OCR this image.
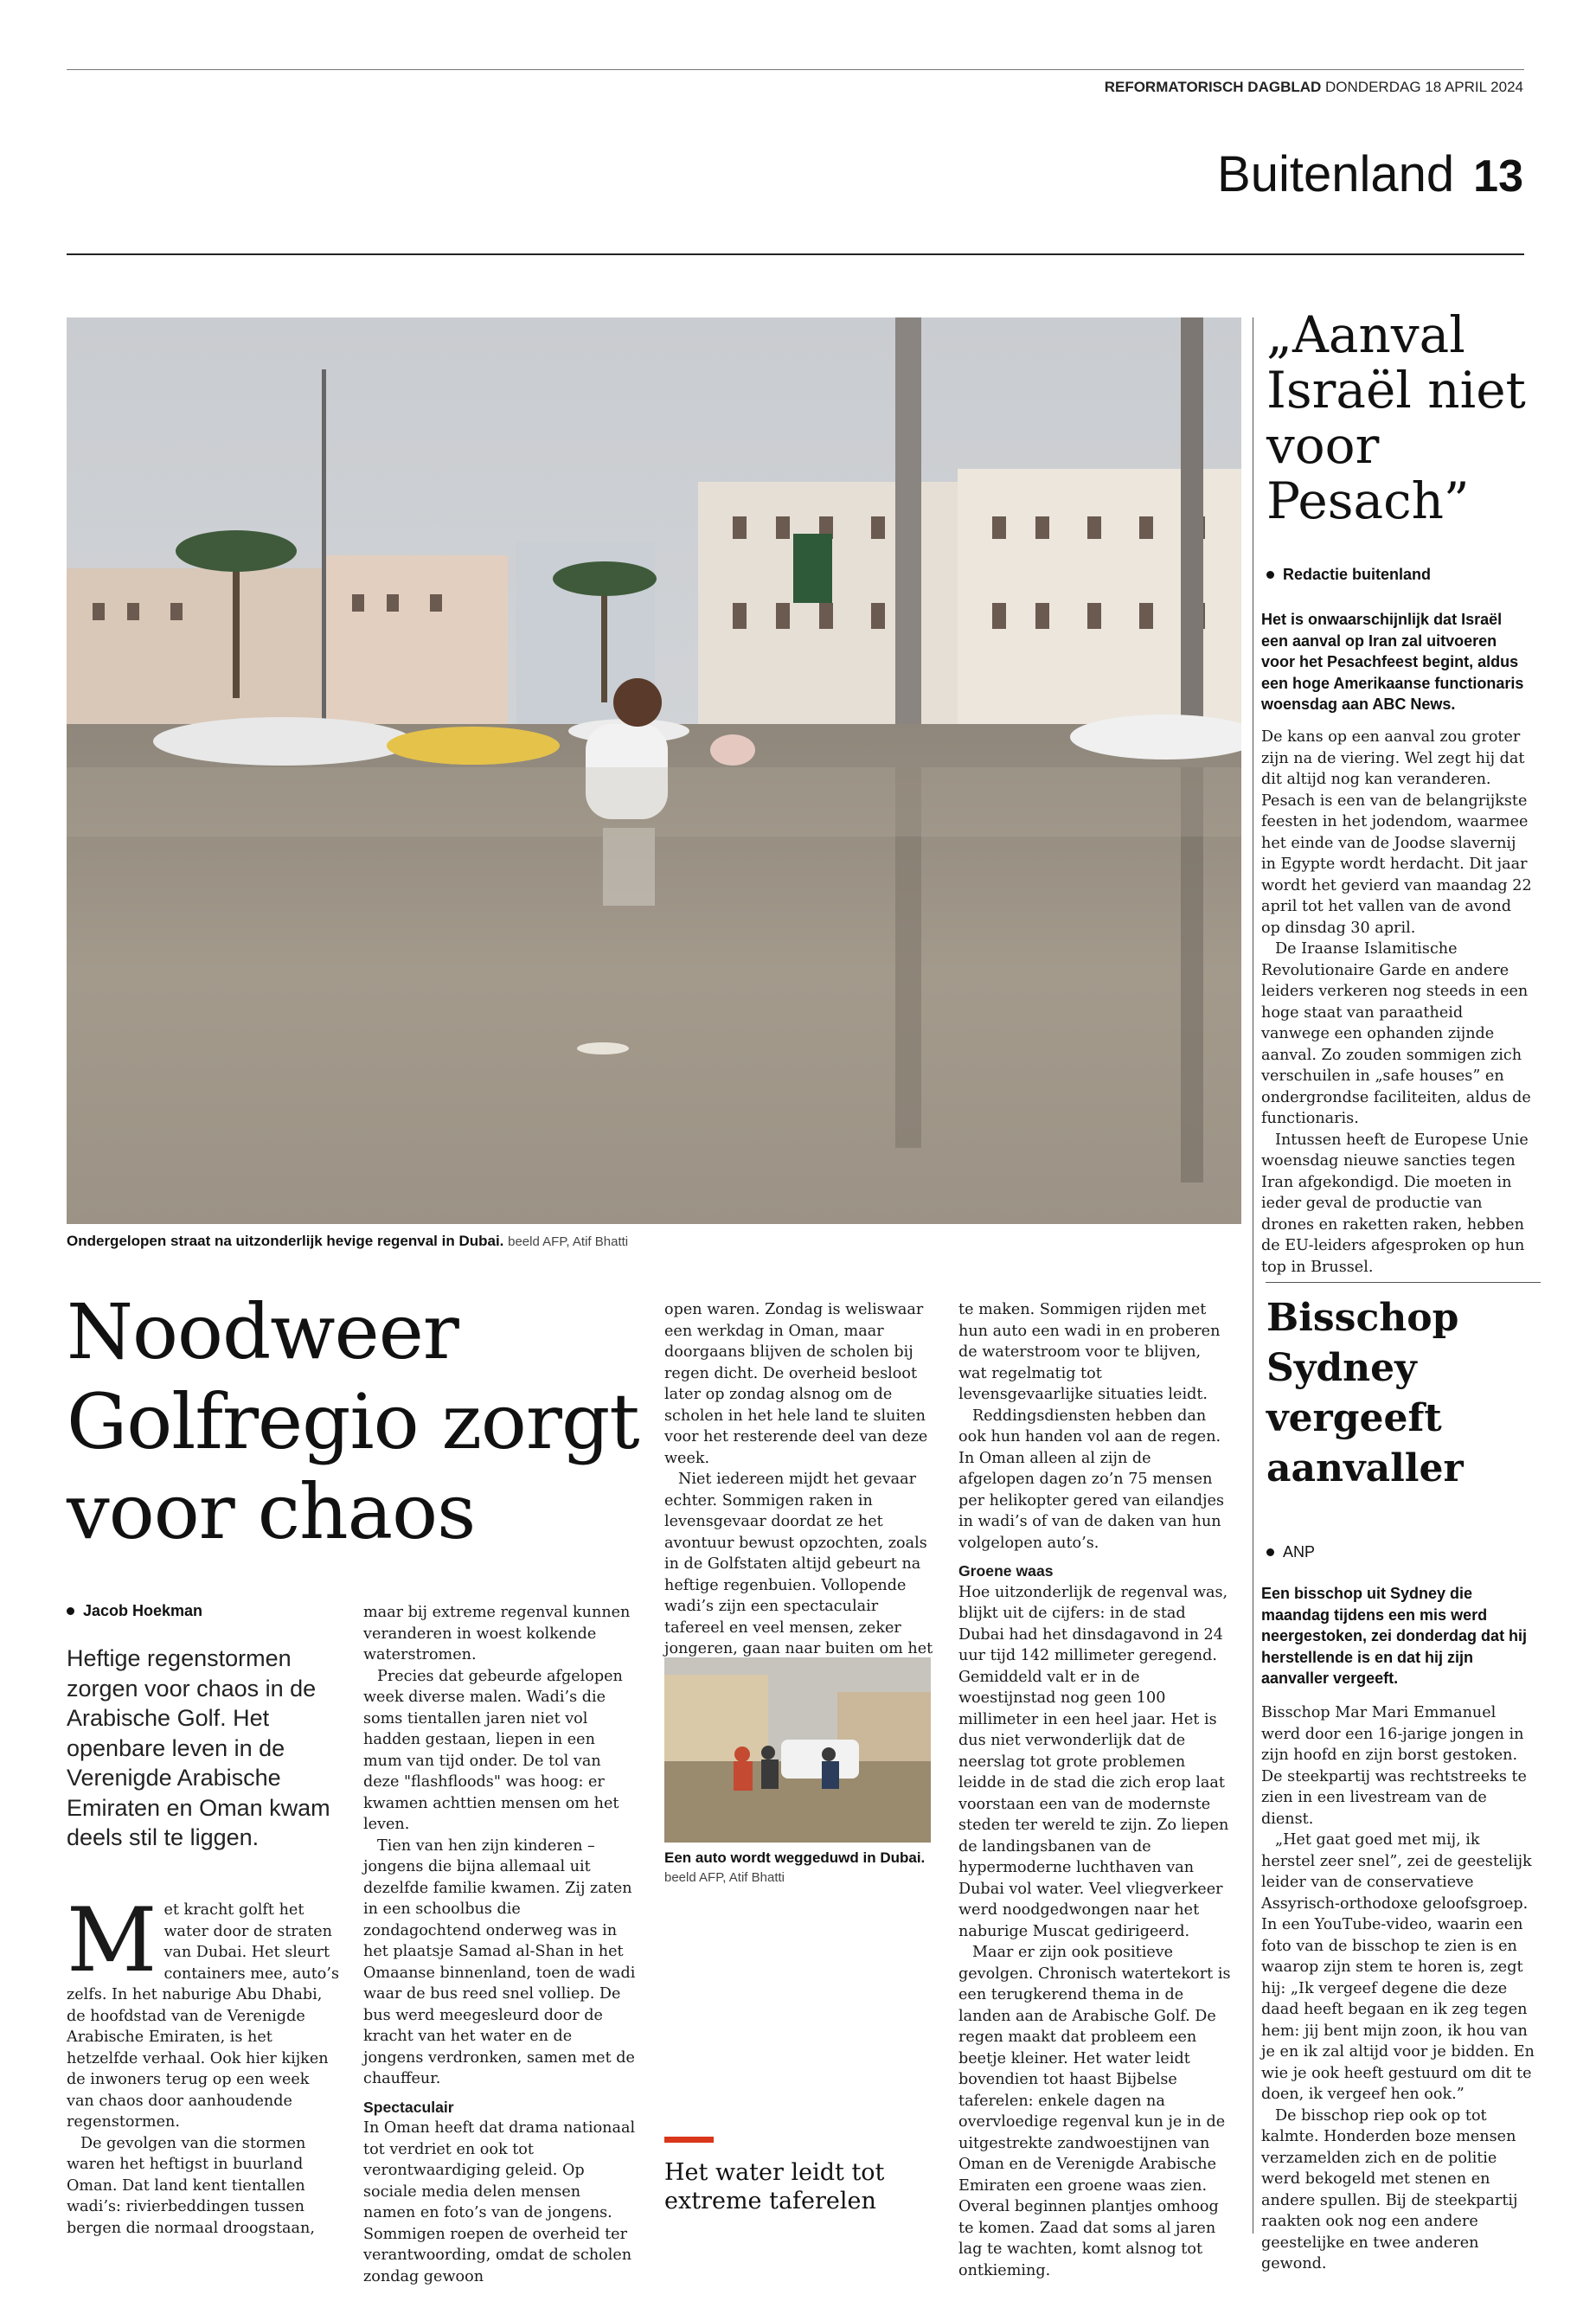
REFORMATORISCH DAGBLAD DONDERDAG 18 APRIL 2024
Buitenland 13
Ondergelopen straat na uitzonderlijk hevige regenval in Dubai. beeld AFP, Atif Bhatti
„Aanval Israël niet voor Pesach”
Redactie buitenland
Het is onwaarschijnlijk dat Israël een aanval op Iran zal uitvoeren voor het Pesachfeest begint, aldus een hoge Amerikaanse functionaris woensdag aan ABC News.

De kans op een aanval zou groter zijn na de viering. Wel zegt hij dat dit altijd nog kan veranderen. Pesach is een van de belangrijkste feesten in het jodendom, waarmee het einde van de Joodse slavernij in Egypte wordt herdacht. Dit jaar wordt het gevierd van maandag 22 april tot het vallen van de avond op dinsdag 30 april.

De Iraanse Islamitische Revolutionaire Garde en andere leiders verkeren nog steeds in een hoge staat van paraatheid vanwege een ophanden zijnde aanval. Zo zouden sommigen zich verschuilen in „safe houses” en ondergrondse faciliteiten, aldus de functionaris.

Intussen heeft de Europese Unie woensdag nieuwe sancties tegen Iran afgekondigd. Die moeten in ieder geval de productie van drones en raketten raken, hebben de EU-leiders afgesproken op hun top in Brussel.

Bisschop Sydney vergeeft aanvaller
ANP
Een bisschop uit Sydney die maandag tijdens een mis werd neergestoken, zei donderdag dat hij herstellende is en dat hij zijn aanvaller vergeeft.

Bisschop Mar Mari Emmanuel werd door een 16-jarige jongen in zijn hoofd en zijn borst gestoken. De steekpartij was rechtstreeks te zien in een livestream van de dienst.

„Het gaat goed met mij, ik herstel zeer snel”, zei de geestelijk leider van de conservatieve Assyrisch-orthodoxe geloofsgroep. In een YouTube-video, waarin een foto van de bisschop te zien is en waarop zijn stem te horen is, zegt hij: „Ik vergeef degene die deze daad heeft begaan en ik zeg tegen hem: jij bent mijn zoon, ik hou van je en ik zal altijd voor je bidden. En wie je ook heeft gestuurd om dit te doen, ik vergeef hen ook.”

De bisschop riep ook op tot kalmte. Honderden boze mensen verzamelden zich en de politie werd bekogeld met stenen en andere spullen. Bij de steekpartij raakten ook nog een andere geestelijke en twee anderen gewond.

Noodweer Golfregio zorgt voor chaos
Jacob Hoekman
Heftige regenstormen zorgen voor chaos in de Arabische Golf. Het openbare leven in de Verenigde Arabische Emiraten en Oman kwam deels stil te liggen.

Met kracht golft het water door de straten van Dubai. Het sleurt containers mee, auto’s zelfs. In het naburige Abu Dhabi, de hoofdstad van de Verenigde Arabische Emiraten, is het hetzelfde verhaal. Ook hier kijken de inwoners terug op een week van chaos door aanhoudende regenstormen.

De gevolgen van die stormen waren het heftigst in buurland Oman. Dat land kent tientallen wadi’s: rivierbeddingen tussen bergen die normaal droogstaan,

maar bij extreme regenval kunnen veranderen in woest kolkende waterstromen.

Precies dat gebeurde afgelopen week diverse malen. Wadi’s die soms tientallen jaren niet vol hadden gestaan, liepen in een mum van tijd onder. De tol van deze "flashfloods" was hoog: er kwamen achttien mensen om het leven.

Tien van hen zijn kinderen – jongens die bijna allemaal uit dezelfde familie kwamen. Zij zaten in een schoolbus die zondagochtend onderweg was in het plaatsje Samad al-Shan in het Omaanse binnenland, toen de wadi waar de bus reed snel volliep. De bus werd meegesleurd door de kracht van het water en de jongens verdronken, samen met de chauffeur.

Spectaculair

In Oman heeft dat drama nationaal tot verdriet en ook tot verontwaardiging geleid. Op sociale media delen mensen namen en foto’s van de jongens. Sommigen roepen de overheid ter verantwoording, omdat de scholen zondag gewoon

open waren. Zondag is weliswaar een werkdag in Oman, maar doorgaans blijven de scholen bij regen dicht. De overheid besloot later op zondag alsnog om de scholen in het hele land te sluiten voor het resterende deel van deze week.

Niet iedereen mijdt het gevaar echter. Sommigen raken in levensgevaar doordat ze het avontuur bewust opzochten, zoals in de Golfstaten altijd gebeurt na heftige regenbuien. Vollopende wadi’s zijn een spectaculair tafereel en veel mensen, zeker jongeren, gaan naar buiten om het

Een auto wordt weggeduwd in Dubai. beeld AFP, Atif Bhatti
Het water leidt tot extreme taferelen

te maken. Sommigen rijden met hun auto een wadi in en proberen de waterstroom voor te blijven, wat regelmatig tot levensgevaarlijke situaties leidt.

Reddingsdiensten hebben dan ook hun handen vol aan de regen. In Oman alleen al zijn de afgelopen dagen zo’n 75 mensen per helikopter gered van eilandjes in wadi’s of van de daken van hun volgelopen auto’s.

Groene waas

Hoe uitzonderlijk de regenval was, blijkt uit de cijfers: in de stad Dubai had het dinsdagavond in 24 uur tijd 142 millimeter geregend. Gemiddeld valt er in de woestijnstad nog geen 100 millimeter in een heel jaar. Het is dus niet verwonderlijk dat de neerslag tot grote problemen leidde in de stad die zich erop laat voorstaan een van de modernste steden ter wereld te zijn. Zo liepen de landingsbanen van de hypermoderne luchthaven van Dubai vol water. Veel vliegverkeer werd noodgedwongen naar het naburige Muscat gedirigeerd.

Maar er zijn ook positieve gevolgen. Chronisch watertekort is een terugkerend thema in de landen aan de Arabische Golf. De regen maakt dat probleem een beetje kleiner. Het water leidt bovendien tot haast Bijbelse taferelen: enkele dagen na overvloedige regenval kun je in de uitgestrekte zandwoestijnen van Oman en de Verenigde Arabische Emiraten een groene waas zien. Overal beginnen plantjes omhoog te komen. Zaad dat soms al jaren lag te wachten, komt alsnog tot ontkieming.
